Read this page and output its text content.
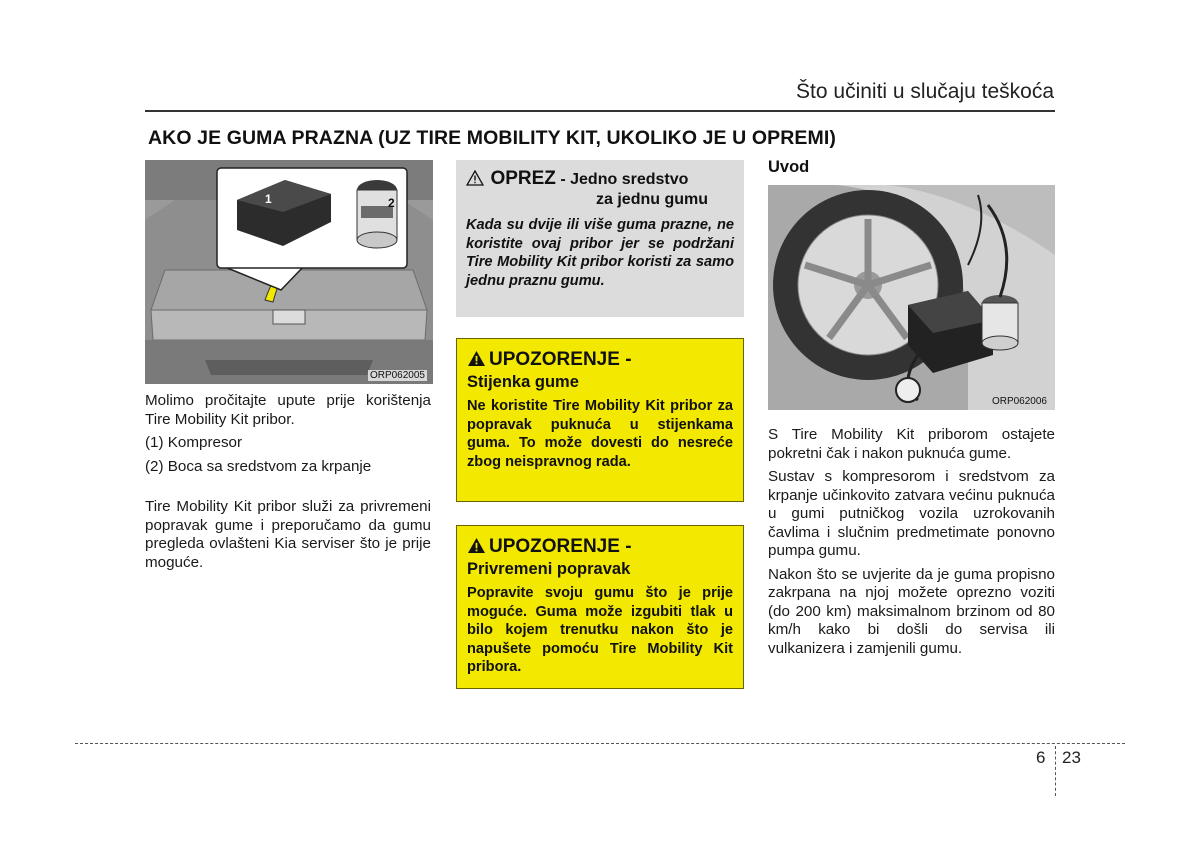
Što učiniti u slučaju teškoća
AKO JE GUMA PRAZNA (UZ TIRE MOBILITY KIT, UKOLIKO JE U OPREMI)
1	2
ORP062005

Molimo pročitajte upute prije korištenja Tire Mobility Kit pribor.

(1) Kompresor

(2) Boca sa sredstvom za krpanje

Tire Mobility Kit pribor služi za privremeni popravak gume i preporučamo da gumu pregleda ovlašteni Kia serviser što je prije moguće.

OPREZ - Jedno sredstvo
za jednu gumu
Kada su dvije ili više guma prazne, ne koristite ovaj pribor jer se podržani Tire Mobility Kit pribor koristi za samo jednu praznu gumu.
UPOZORENJE -
Stijenka gume
Ne koristite Tire Mobility Kit pribor za popravak puknuća u stijenkama guma. To može dovesti do nesreće zbog neispravnog rada.
UPOZORENJE -
Privremeni popravak
Popravite svoju gumu što je prije moguće. Guma može izgubiti tlak u bilo kojem trenutku nakon što je napušete pomoću Tire Mobility Kit pribora.
Uvod
ORP062006

S Tire Mobility Kit priborom ostajete pokretni čak i nakon puknuća gume.

Sustav s kompresorom i sredstvom za krpanje učinkovito zatvara većinu puknuća u gumi putničkog vozila uzrokovanih čavlima i slučnim predmetimate ponovno pumpa gumu.

Nakon što se uvjerite da je guma propisno zakrpana na njoj možete oprezno voziti (do 200 km) maksimalnom brzinom od 80 km/h kako bi došli do servisa ili vulkanizera i zamjenili gumu.

6 23
